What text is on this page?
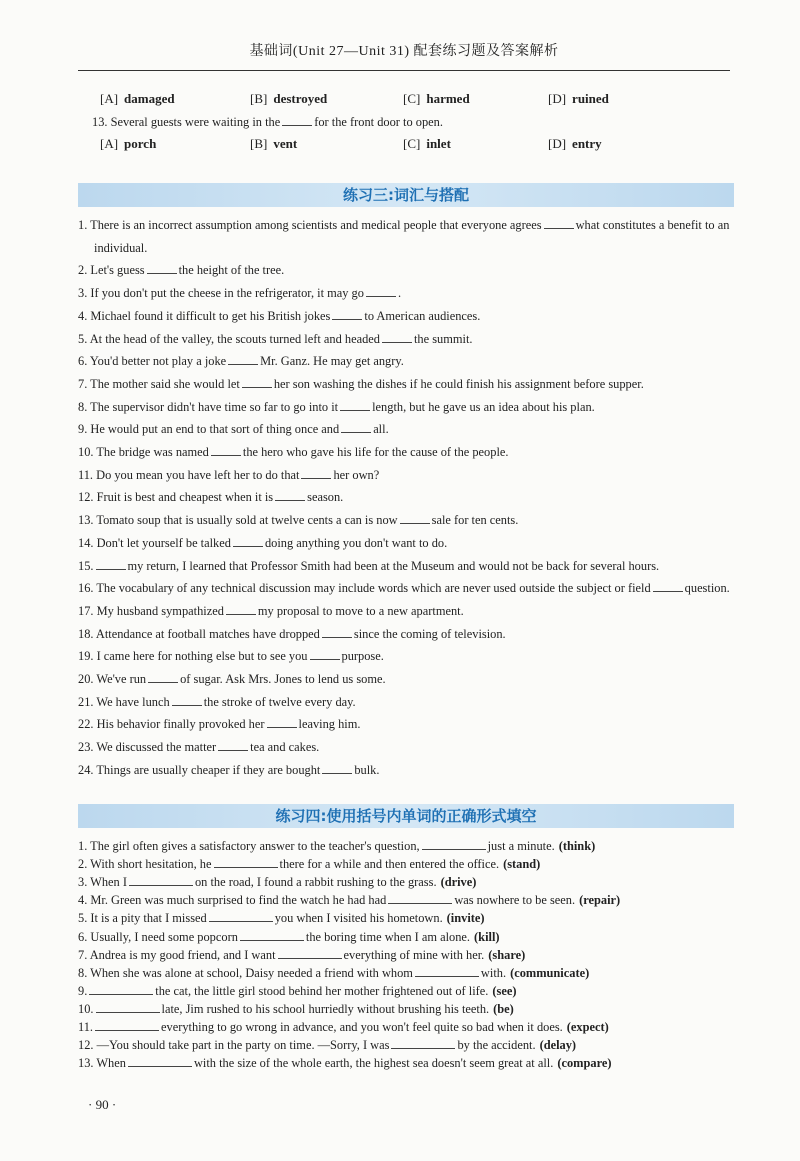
基础词(Unit 27—Unit 31) 配套练习题及答案解析
[A] damaged	[B] destroyed	[C] harmed	[D] ruined
13. Several guests were waiting in the	for the front door to open.
[A] porch	[B] vent	[C] inlet	[D] entry
练习三:词汇与搭配
1. There is an incorrect assumption among scientists and medical people that everyone agrees	what constitutes a benefit to an
individual.
2. Let's guess	the height of the tree.
3. If you don't put the cheese in the refrigerator, it may go	.
4. Michael found it difficult to get his British jokes	to American audiences.
5. At the head of the valley, the scouts turned left and headed	the summit.
6. You'd better not play a joke	Mr. Ganz. He may get angry.
7. The mother said she would let	her son washing the dishes if he could finish his assignment before supper.
8. The supervisor didn't have time so far to go into it	length, but he gave us an idea about his plan.
9. He would put an end to that sort of thing once and	all.
10. The bridge was named	the hero who gave his life for the cause of the people.
11. Do you mean you have left her to do that	her own?
12. Fruit is best and cheapest when it is	season.
13. Tomato soup that is usually sold at twelve cents a can is now	sale for ten cents.
14. Don't let yourself be talked	doing anything you don't want to do.
15.	my return, I learned that Professor Smith had been at the Museum and would not be back for several hours.
16. The vocabulary of any technical discussion may include words which are never used outside the subject or field	question.
17. My husband sympathized	my proposal to move to a new apartment.
18. Attendance at football matches have dropped	since the coming of television.
19. I came here for nothing else but to see you	purpose.
20. We've run	of sugar. Ask Mrs. Jones to lend us some.
21. We have lunch	the stroke of twelve every day.
22. His behavior finally provoked her	leaving him.
23. We discussed the matter	tea and cakes.
24. Things are usually cheaper if they are bought	bulk.
练习四:使用括号内单词的正确形式填空
1. The girl often gives a satisfactory answer to the teacher's question,	just a minute. (think)
2. With short hesitation, he	there for a while and then entered the office. (stand)
3. When I	on the road, I found a rabbit rushing to the grass. (drive)
4. Mr. Green was much surprised to find the watch he had had	was nowhere to be seen. (repair)
5. It is a pity that I missed	you when I visited his hometown. (invite)
6. Usually, I need some popcorn	the boring time when I am alone. (kill)
7. Andrea is my good friend, and I want	everything of mine with her. (share)
8. When she was alone at school, Daisy needed a friend with whom	with. (communicate)
9.	the cat, the little girl stood behind her mother frightened out of life. (see)
10.	late, Jim rushed to his school hurriedly without brushing his teeth. (be)
11.	everything to go wrong in advance, and you won't feel quite so bad when it does. (expect)
12. —You should take part in the party on time. —Sorry, I was	by the accident. (delay)
13. When	with the size of the whole earth, the highest sea doesn't seem great at all. (compare)
· 90 ·
